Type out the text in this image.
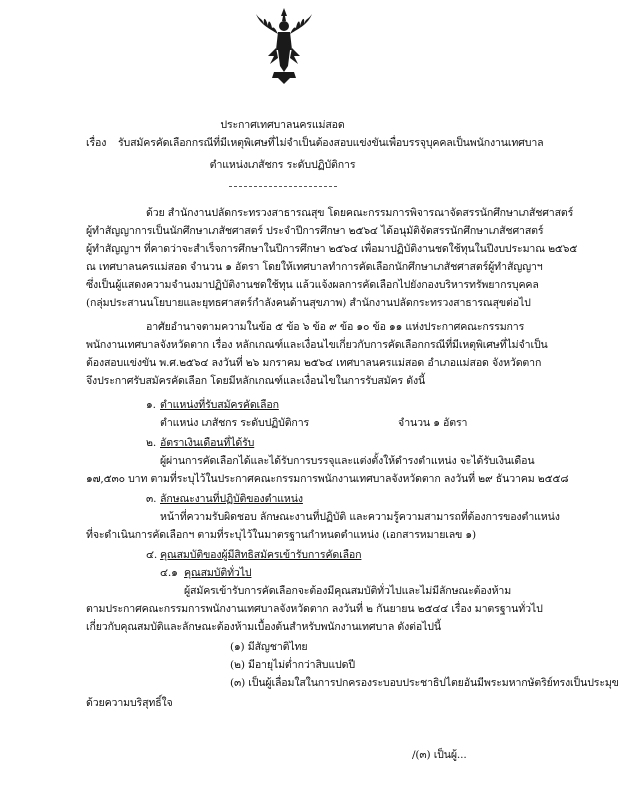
ประกาศเทศบาลนครแม่สอด
เรื่อง รับสมัครคัดเลือกกรณีที่มีเหตุพิเศษที่ไม่จำเป็นต้องสอบแข่งขันเพื่อบรรจุบุคคลเป็นพนักงานเทศบาล
ตำแหน่งเภสัชกร ระดับปฏิบัติการ
ด้วย สำนักงานปลัดกระทรวงสาธารณสุข โดยคณะกรรมการพิจารณาจัดสรรนักศึกษาเภสัชศาสตร์
ผู้ทำสัญญาการเป็นนักศึกษาเภสัชศาสตร์ ประจำปีการศึกษา ๒๕๖๔ ได้อนุมัติจัดสรรนักศึกษาเภสัชศาสตร์
ผู้ทำสัญญาฯ ที่คาดว่าจะสำเร็จการศึกษาในปีการศึกษา ๒๕๖๔ เพื่อมาปฏิบัติงานชดใช้ทุนในปีงบประมาณ ๒๕๖๕
ณ เทศบาลนครแม่สอด จำนวน ๑ อัตรา โดยให้เทศบาลทำการคัดเลือกนักศึกษาเภสัชศาสตร์ผู้ทำสัญญาฯ
ซึ่งเป็นผู้แสดงความจำนงมาปฏิบัติงานชดใช้ทุน แล้วแจ้งผลการคัดเลือกไปยังกองบริหารทรัพยากรบุคคล
(กลุ่มประสานนโยบายและยุทธศาสตร์กำลังคนด้านสุขภาพ) สำนักงานปลัดกระทรวงสาธารณสุขต่อไป
อาศัยอำนาจตามความในข้อ ๕ ข้อ ๖ ข้อ ๙ ข้อ ๑๐ ข้อ ๑๑ แห่งประกาศคณะกรรมการ
พนักงานเทศบาลจังหวัดตาก เรื่อง หลักเกณฑ์และเงื่อนไขเกี่ยวกับการคัดเลือกกรณีที่มีเหตุพิเศษที่ไม่จำเป็น
ต้องสอบแข่งขัน พ.ศ.๒๕๖๔ ลงวันที่ ๒๖ มกราคม ๒๕๖๔ เทศบาลนครแม่สอด อำเภอแม่สอด จังหวัดตาก
จึงประกาศรับสมัครคัดเลือก โดยมีหลักเกณฑ์และเงื่อนไขในการรับสมัคร ดังนี้
๑. ตำแหน่งที่รับสมัครคัดเลือก
ตำแหน่ง เภสัชกร ระดับปฏิบัติการ	จำนวน ๑ อัตรา
๒. อัตราเงินเดือนที่ได้รับ
ผู้ผ่านการคัดเลือกได้และได้รับการบรรจุและแต่งตั้งให้ดำรงตำแหน่ง จะได้รับเงินเดือน
๑๗,๕๓๐ บาท ตามที่ระบุไว้ในประกาศคณะกรรมการพนักงานเทศบาลจังหวัดตาก ลงวันที่ ๒๙ ธันวาคม ๒๕๕๘
๓. ลักษณะงานที่ปฏิบัติของตำแหน่ง
หน้าที่ความรับผิดชอบ ลักษณะงานที่ปฏิบัติ และความรู้ความสามารถที่ต้องการของตำแหน่ง
ที่จะดำเนินการคัดเลือกฯ ตามที่ระบุไว้ในมาตรฐานกำหนดตำแหน่ง (เอกสารหมายเลข ๑)
๔. คุณสมบัติของผู้มีสิทธิสมัครเข้ารับการคัดเลือก
๔.๑ คุณสมบัติทั่วไป
ผู้สมัครเข้ารับการคัดเลือกจะต้องมีคุณสมบัติทั่วไปและไม่มีลักษณะต้องห้าม
ตามประกาศคณะกรรมการพนักงานเทศบาลจังหวัดตาก ลงวันที่ ๒ กันยายน ๒๕๔๔ เรื่อง มาตรฐานทั่วไป
เกี่ยวกับคุณสมบัติและลักษณะต้องห้ามเบื้องต้นสำหรับพนักงานเทศบาล ดังต่อไปนี้
(๑) มีสัญชาติไทย
(๒) มีอายุไม่ต่ำกว่าสิบแปดปี
(๓) เป็นผู้เลื่อมใสในการปกครองระบอบประชาธิปไตยอันมีพระมหากษัตริย์ทรงเป็นประมุข
ด้วยความบริสุทธิ์ใจ
/(๓) เป็นผู้...
